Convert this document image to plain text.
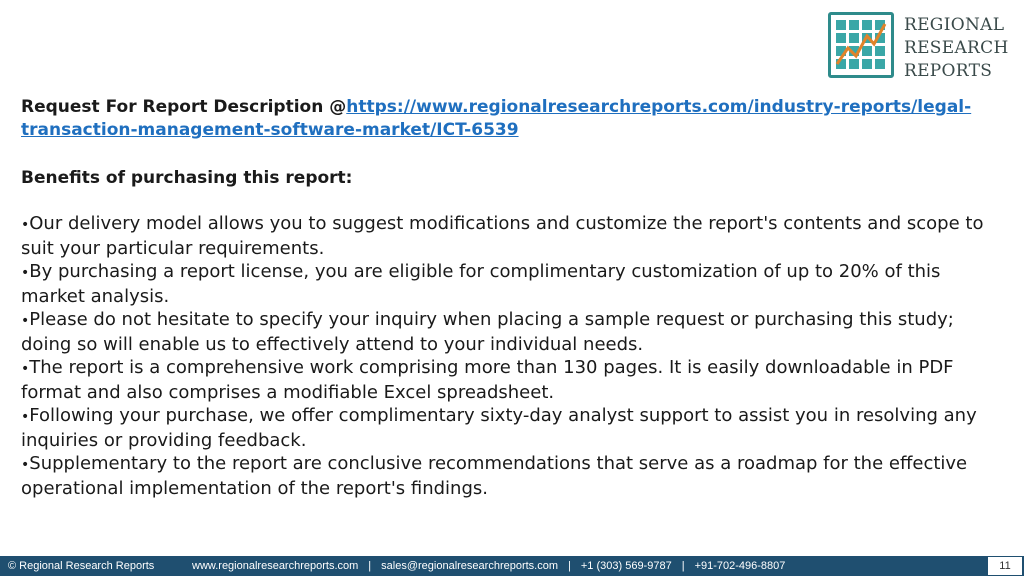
REGIONAL
RESEARCH
REPORTS

Request For Report Description @https://www.regionalresearchreports.com/industry-reports/legal-transaction-management-software-market/ICT-6539

Benefits of purchasing this report:

•Our delivery model allows you to suggest modifications and customize the report's contents and scope to suit your particular requirements.
•By purchasing a report license, you are eligible for complimentary customization of up to 20% of this market analysis.
•Please do not hesitate to specify your inquiry when placing a sample request or purchasing this study; doing so will enable us to effectively attend to your individual needs.
•The report is a comprehensive work comprising more than 130 pages. It is easily downloadable in PDF format and also comprises a modifiable Excel spreadsheet.
•Following your purchase, we offer complimentary sixty-day analyst support to assist you in resolving any inquiries or providing feedback.
•Supplementary to the report are conclusive recommendations that serve as a roadmap for the effective operational implementation of the report's findings.
© Regional Research Reports	www.regionalresearchreports.com | sales@regionalresearchreports.com | +1 (303) 569-9787 | +91-702-496-8807	11
